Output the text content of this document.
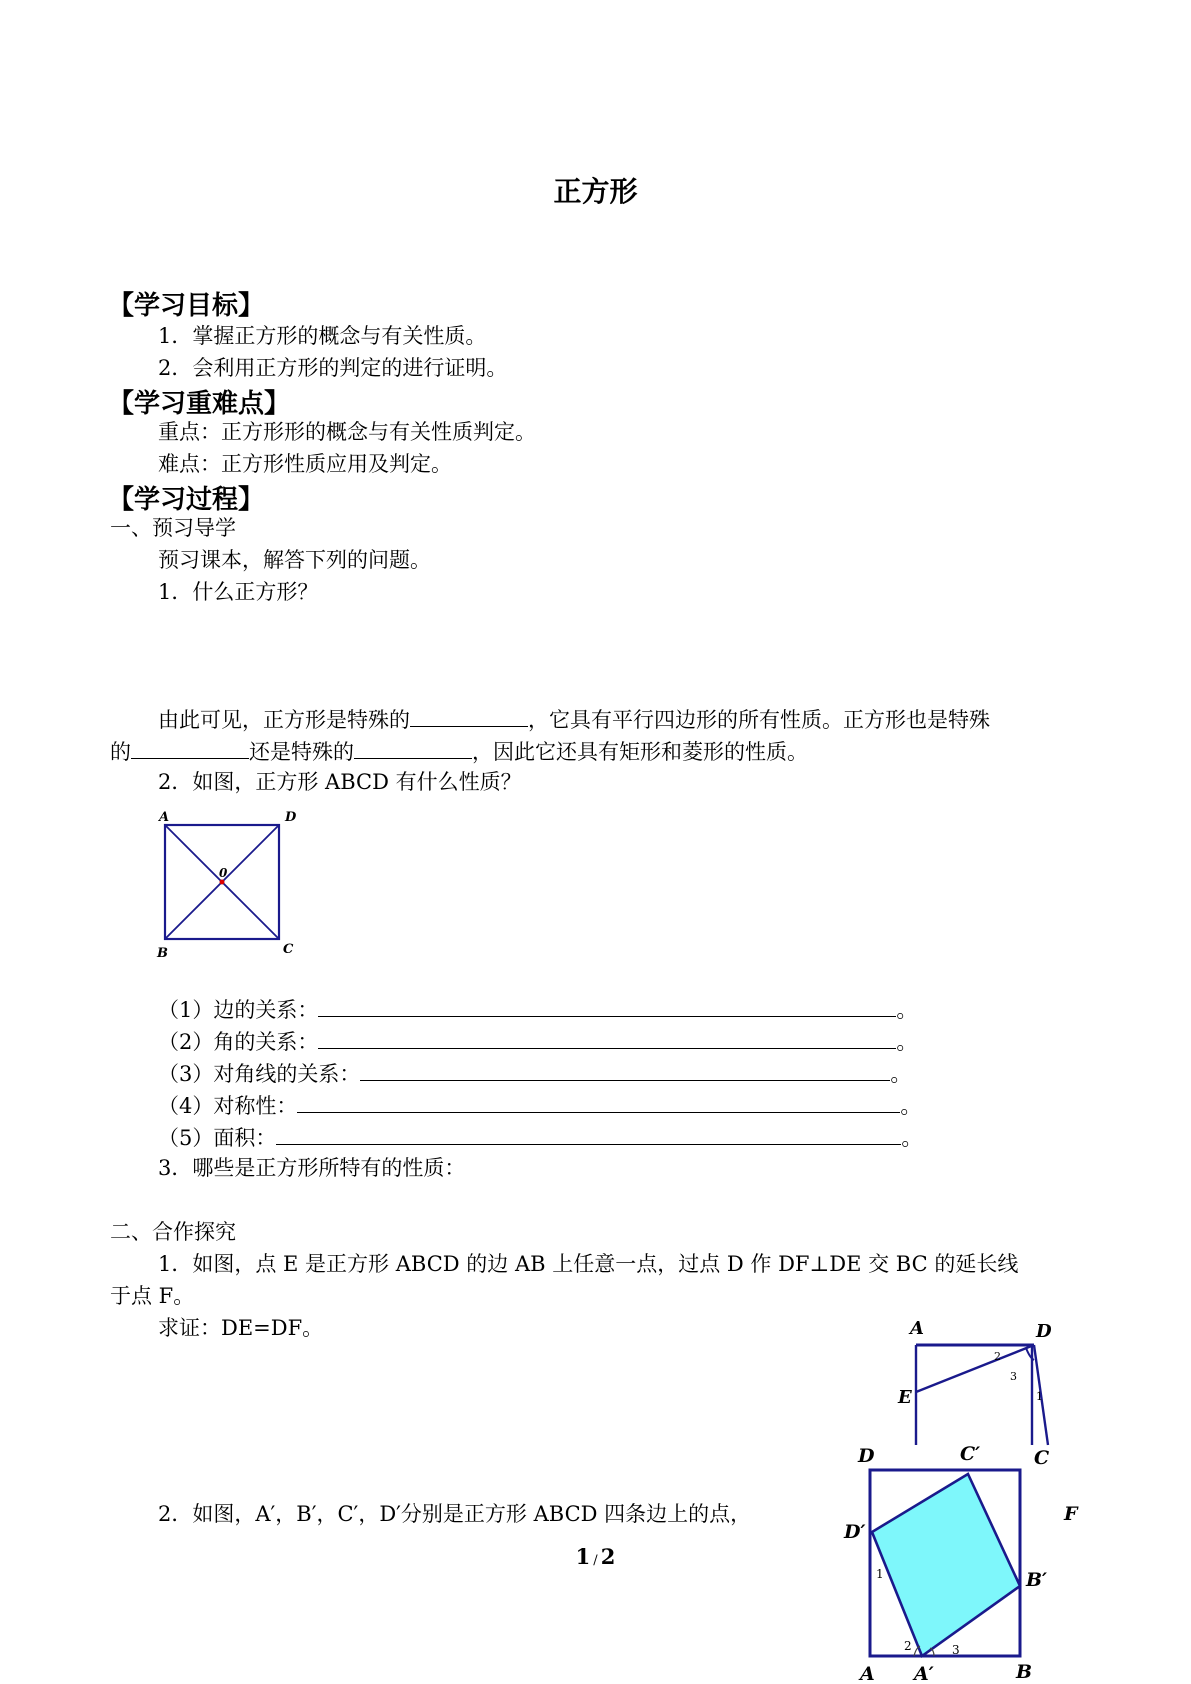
正方形
【学习目标】
1．掌握正方形的概念与有关性质。
2．会利用正方形的判定的进行证明。
【学习重难点】
重点：正方形形的概念与有关性质判定。
难点：正方形性质应用及判定。
【学习过程】
一、预习导学
预习课本，解答下列的问题。
1．什么正方形？
由此可见，正方形是特殊的	，它具有平行四边形的所有性质。正方形也是特殊
的	还是特殊的	，因此它还具有矩形和菱形的性质。
2．如图，正方形 ABCD 有什么性质？
A	D
B	C
0
（1）边的关系：	。
（2）角的关系：	。
（3）对角线的关系：	。
（4）对称性：	。
（5）面积：	。
3．哪些是正方形所特有的性质：
二、合作探究
1．如图，点 E 是正方形 ABCD 的边 AB 上任意一点，过点 D 作 DF⊥DE 交 BC 的延长线
于点 F。
求证：DE=DF。	A	D
E
2
3
1
D	C′	C
F
D′
B′
A A′	B
1
2	3
2．如图，A′，B′，C′，D′分别是正方形 ABCD 四条边上的点，
1 / 2
